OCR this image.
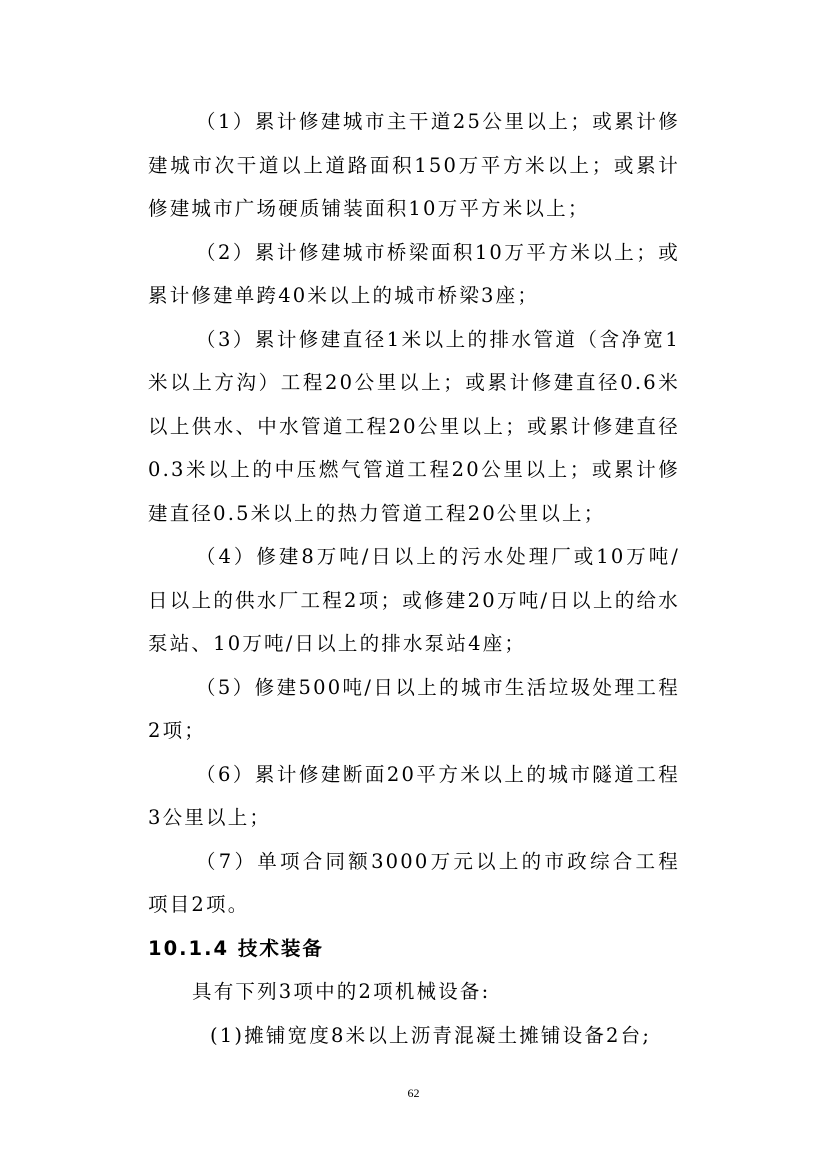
（1）累计修建城市主干道25公里以上；或累计修建城市次干道以上道路面积150万平方米以上；或累计修建城市广场硬质铺装面积10万平方米以上；

（2）累计修建城市桥梁面积10万平方米以上；或累计修建单跨40米以上的城市桥梁3座；

（3）累计修建直径1米以上的排水管道（含净宽1米以上方沟）工程20公里以上；或累计修建直径0.6米以上供水、中水管道工程20公里以上；或累计修建直径0.3米以上的中压燃气管道工程20公里以上；或累计修建直径0.5米以上的热力管道工程20公里以上；

（4）修建8万吨/日以上的污水处理厂或10万吨/日以上的供水厂工程2项；或修建20万吨/日以上的给水泵站、10万吨/日以上的排水泵站4座；

（5）修建500吨/日以上的城市生活垃圾处理工程2项；

（6）累计修建断面20平方米以上的城市隧道工程3公里以上；

（7）单项合同额3000万元以上的市政综合工程项目2项。

10.1.4 技术装备

具有下列3项中的2项机械设备:

(1)摊铺宽度8米以上沥青混凝土摊铺设备2台;

62
